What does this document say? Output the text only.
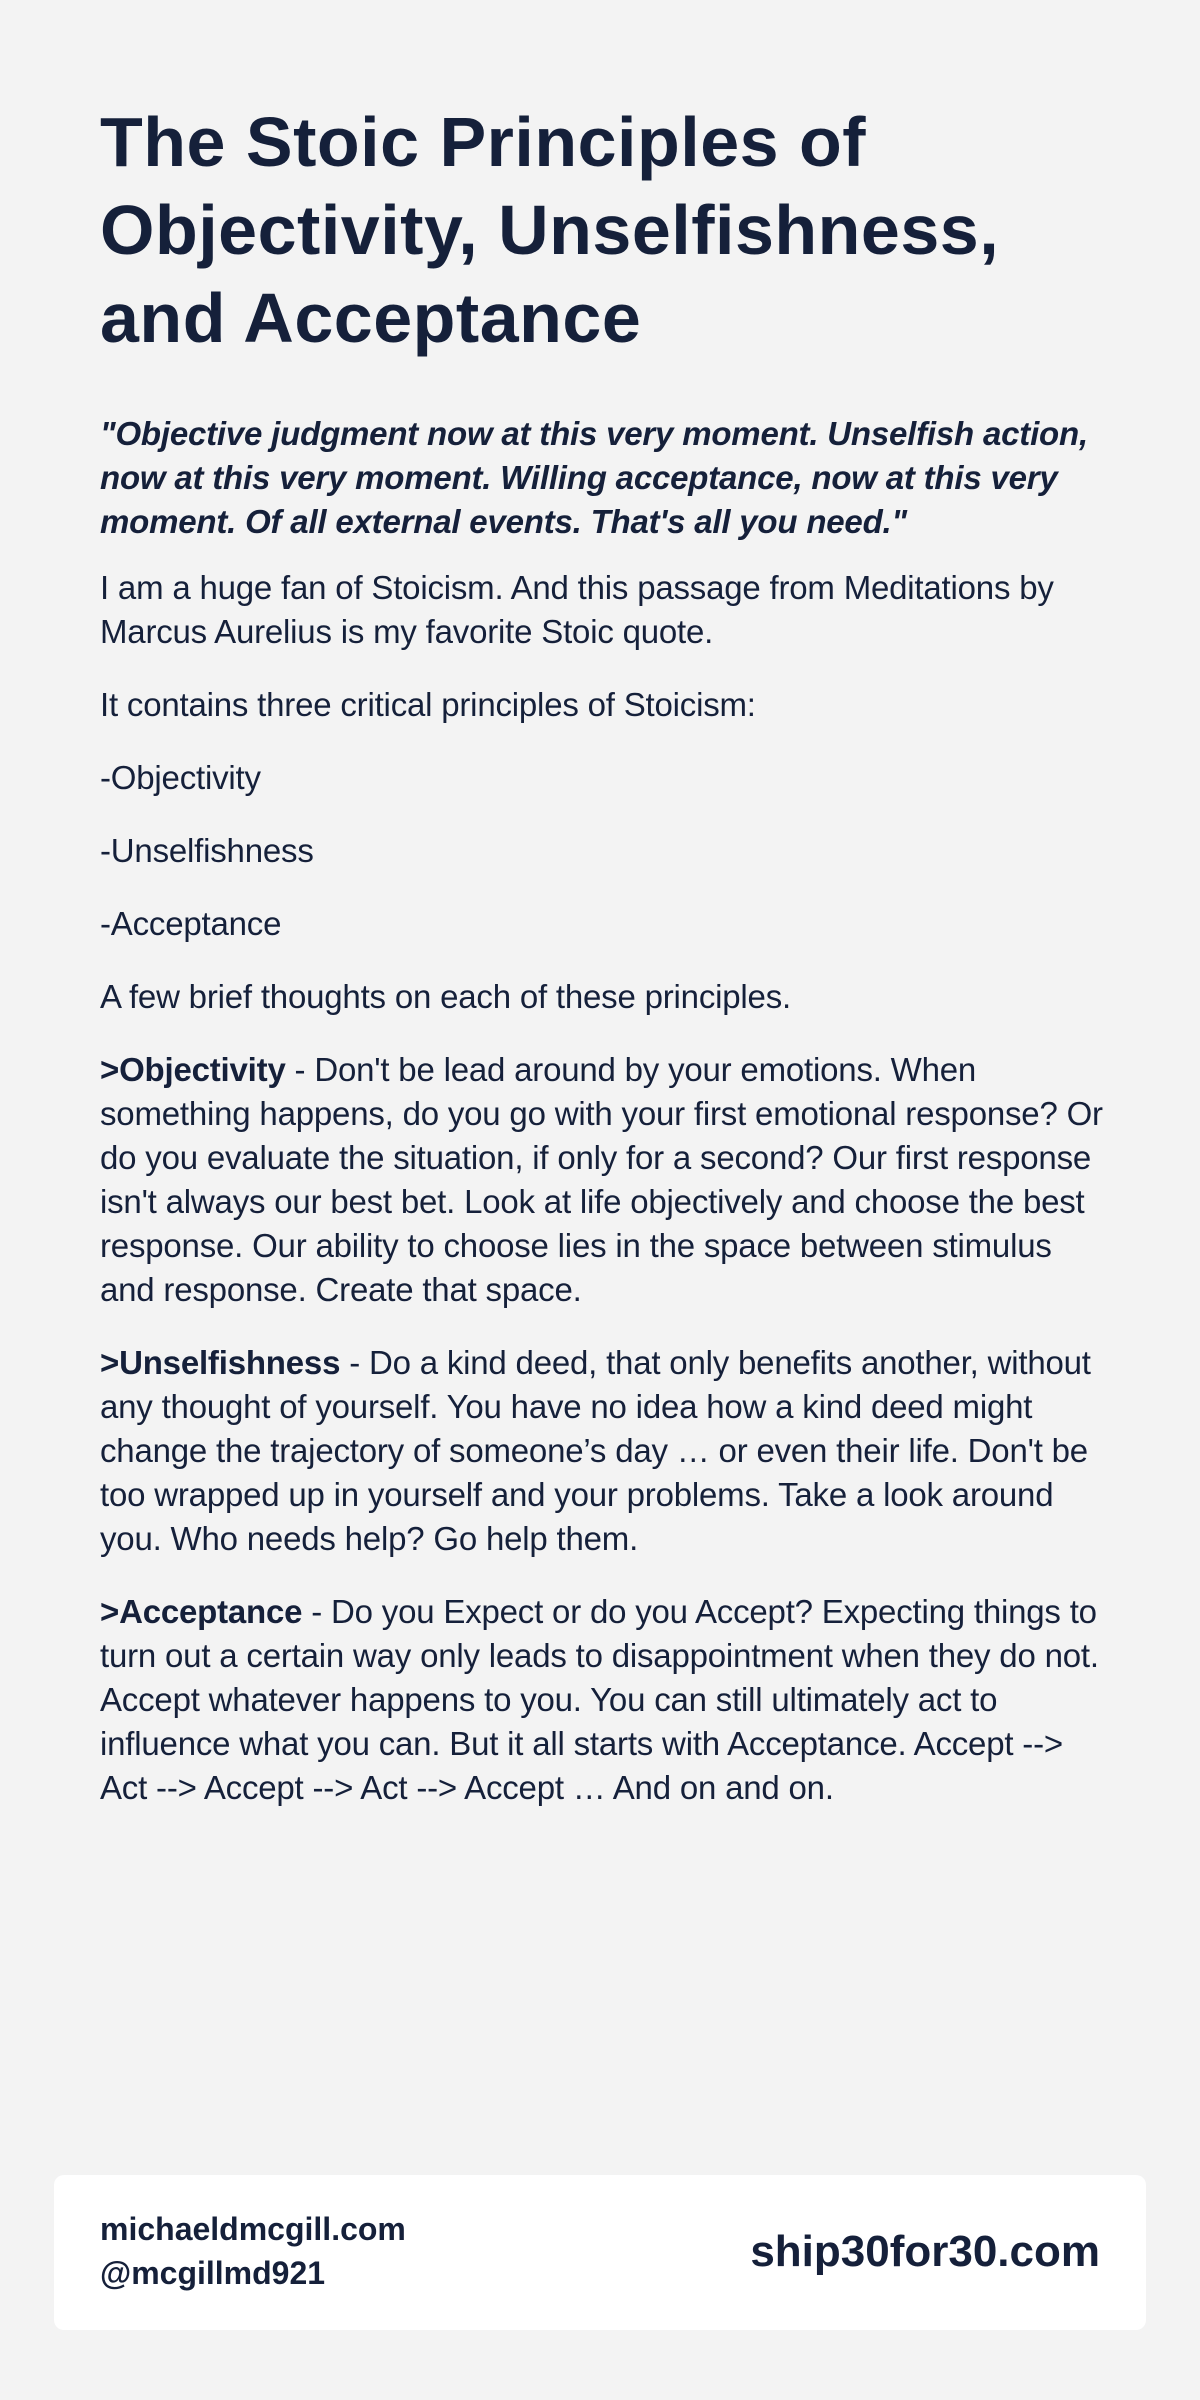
The Stoic Principles of Objectivity, Unselfishness, and Acceptance

"Objective judgment now at this very moment. Unselfish action, now at this very moment. Willing acceptance, now at this very moment. Of all external events. That's all you need."

I am a huge fan of Stoicism. And this passage from Meditations by Marcus Aurelius is my favorite Stoic quote.

It contains three critical principles of Stoicism:

-Objectivity

-Unselfishness

-Acceptance

A few brief thoughts on each of these principles.

>Objectivity - Don't be lead around by your emotions. When something happens, do you go with your first emotional response? Or do you evaluate the situation, if only for a second? Our first response isn't always our best bet. Look at life objectively and choose the best response. Our ability to choose lies in the space between stimulus and response. Create that space.

>Unselfishness - Do a kind deed, that only benefits another, without any thought of yourself. You have no idea how a kind deed might change the trajectory of someone’s day … or even their life. Don't be too wrapped up in yourself and your problems. Take a look around you. Who needs help? Go help them.

>Acceptance - Do you Expect or do you Accept? Expecting things to turn out a certain way only leads to disappointment when they do not. Accept whatever happens to you. You can still ultimately act to influence what you can. But it all starts with Acceptance. Accept --> Act --> Accept --> Act --> Accept … And on and on.

michaeldmcgill.com
@mcgillmd921	ship30for30.com
